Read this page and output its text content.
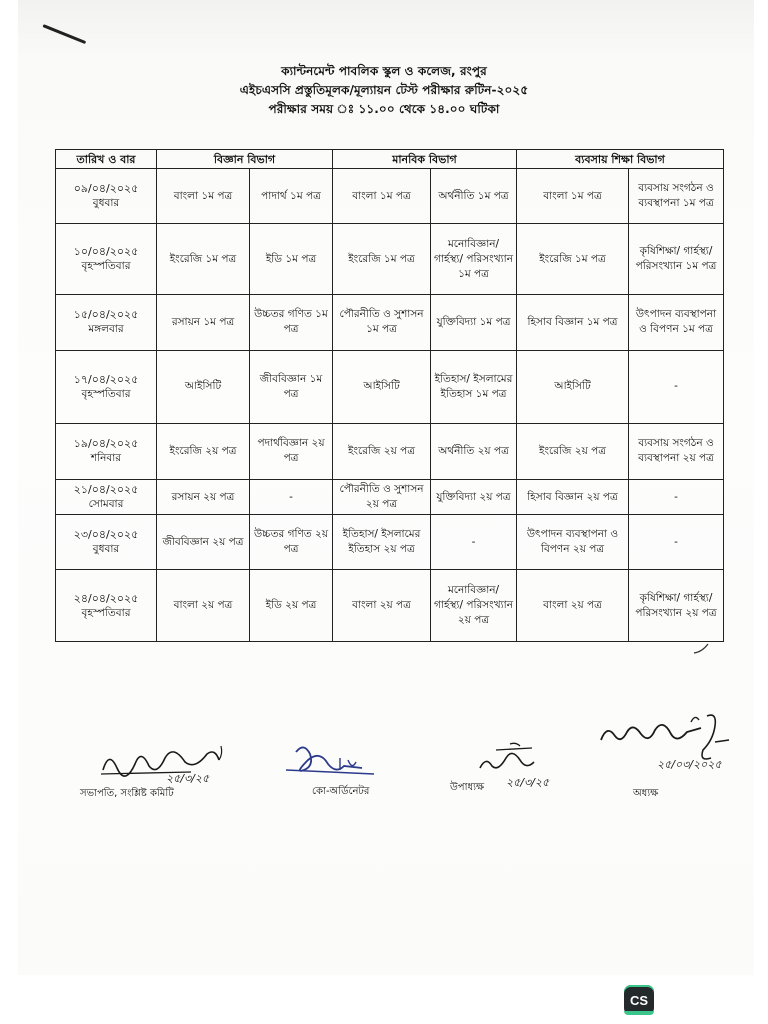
ক্যান্টনমেন্ট পাবলিক স্কুল ও কলেজ, রংপুর
এইচএসসি প্রস্তুতিমূলক/মূল্যায়ন টেস্ট পরীক্ষার রুটিন-২০২৫
পরীক্ষার সময় ঃ ১১.০০ থেকে ১৪.০০ ঘটিকা
তারিখ ও বার	বিজ্ঞান বিভাগ		মানবিক বিভাগ		ব্যবসায় শিক্ষা বিভাগ	

০৯/০৪/২০২৫
বুধবার	বাংলা ১ম পত্র	পাদার্থ ১ম পত্র	বাংলা ১ম পত্র	অর্থনীতি ১ম পত্র	বাংলা ১ম পত্র	ব্যবসায় সংগঠন ও ব্যবস্থাপনা ১ম পত্র

১০/০৪/২০২৫
বৃহস্পতিবার	ইংরেজি ১ম পত্র	ইডি ১ম পত্র	ইংরেজি ১ম পত্র	মনোবিজ্ঞান/ গার্হস্থ্য/ পরিসংখ্যান ১ম পত্র	ইংরেজি ১ম পত্র	কৃষিশিক্ষা/ গার্হস্থ্য/ পরিসংখ্যান ১ম পত্র

১৫/০৪/২০২৫
মঙ্গলবার	রসায়ন ১ম পত্র	উচ্চতর গণিত ১ম পত্র	পৌরনীতি ও সুশাসন ১ম পত্র	যুক্তিবিদ্যা ১ম পত্র	হিসাব বিজ্ঞান ১ম পত্র	উৎপাদন ব্যবস্থাপনা ও বিপণন ১ম পত্র

১৭/০৪/২০২৫
বৃহস্পতিবার	আইসিটি	জীববিজ্ঞান ১ম পত্র	আইসিটি	ইতিহাস/ ইসলামের ইতিহাস ১ম পত্র	আইসিটি	-

১৯/০৪/২০২৫
শনিবার	ইংরেজি ২য় পত্র	পদার্থবিজ্ঞান ২য় পত্র	ইংরেজি ২য় পত্র	অর্থনীতি ২য় পত্র	ইংরেজি ২য় পত্র	ব্যবসায় সংগঠন ও ব্যবস্থাপনা ২য় পত্র

২১/০৪/২০২৫
সোমবার	রসায়ন ২য় পত্র	-	পৌরনীতি ও সুশাসন ২য় পত্র	যুক্তিবিদ্যা ২য় পত্র	হিসাব বিজ্ঞান ২য় পত্র	-

২৩/০৪/২০২৫
বুধবার	জীববিজ্ঞান ২য় পত্র	উচ্চতর গণিত ২য় পত্র	ইতিহাস/ ইসলামের ইতিহাস ২য় পত্র	-	উৎপাদন ব্যবস্থাপনা ও বিপণন ২য় পত্র	-

২৪/০৪/২০২৫
বৃহস্পতিবার	বাংলা ২য় পত্র	ইডি ২য় পত্র	বাংলা ২য় পত্র	মনোবিজ্ঞান/ গার্হস্থ্য/ পরিসংখ্যান ২য় পত্র	বাংলা ২য় পত্র	কৃষিশিক্ষা/ গার্হস্থ্য/ পরিসংখ্যান ২য় পত্র
২৫/৩/২৫
সভাপতি, সংশ্লিষ্ট কমিটি	কো-অর্ডিনেটর	উপাধ্যক্ষ ২৫/৩/২৫
২৫/০৩/২০২৫
অধ্যক্ষ
CS
